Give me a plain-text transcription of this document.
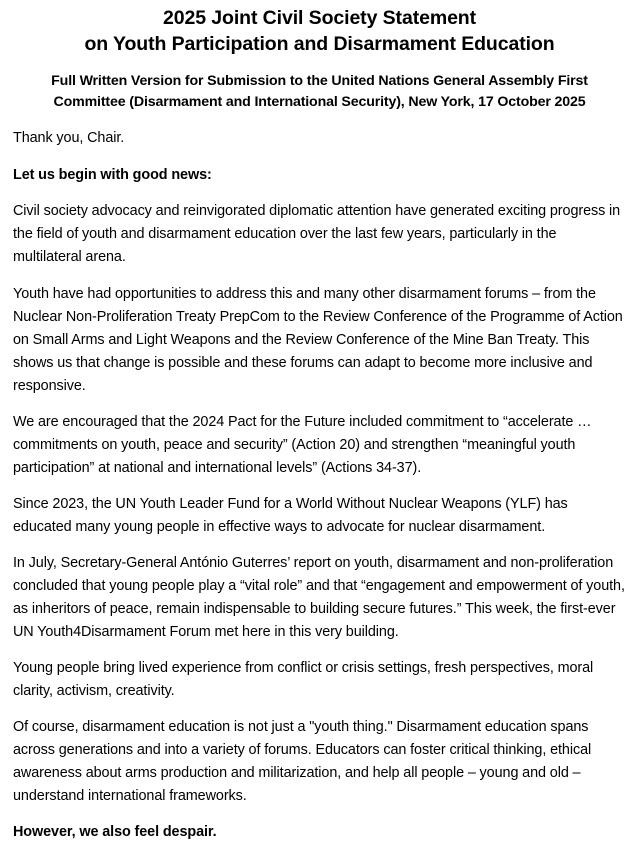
2025 Joint Civil Society Statement
on Youth Participation and Disarmament Education
Full Written Version for Submission to the United Nations General Assembly First
Committee (Disarmament and International Security), New York, 17 October 2025

Thank you, Chair.

Let us begin with good news:

Civil society advocacy and reinvigorated diplomatic attention have generated exciting progress in the field of youth and disarmament education over the last few years, particularly in the multilateral arena.

Youth have had opportunities to address this and many other disarmament forums – from the Nuclear Non-Proliferation Treaty PrepCom to the Review Conference of the Programme of Action on Small Arms and Light Weapons and the Review Conference of the Mine Ban Treaty. This shows us that change is possible and these forums can adapt to become more inclusive and responsive.

We are encouraged that the 2024 Pact for the Future included commitment to “accelerate … commitments on youth, peace and security” (Action 20) and strengthen “meaningful youth participation” at national and international levels” (Actions 34-37).

Since 2023, the UN Youth Leader Fund for a World Without Nuclear Weapons (YLF) has educated many young people in effective ways to advocate for nuclear disarmament.

In July, Secretary-General António Guterres’ report on youth, disarmament and non-proliferation concluded that young people play a “vital role” and that “engagement and empowerment of youth, as inheritors of peace, remain indispensable to building secure futures.” This week, the first-ever UN Youth4Disarmament Forum met here in this very building.

Young people bring lived experience from conflict or crisis settings, fresh perspectives, moral clarity, activism, creativity.

Of course, disarmament education is not just a "youth thing." Disarmament education spans across generations and into a variety of forums. Educators can foster critical thinking, ethical awareness about arms production and militarization, and help all people – young and old – understand international frameworks.

However, we also feel despair.
